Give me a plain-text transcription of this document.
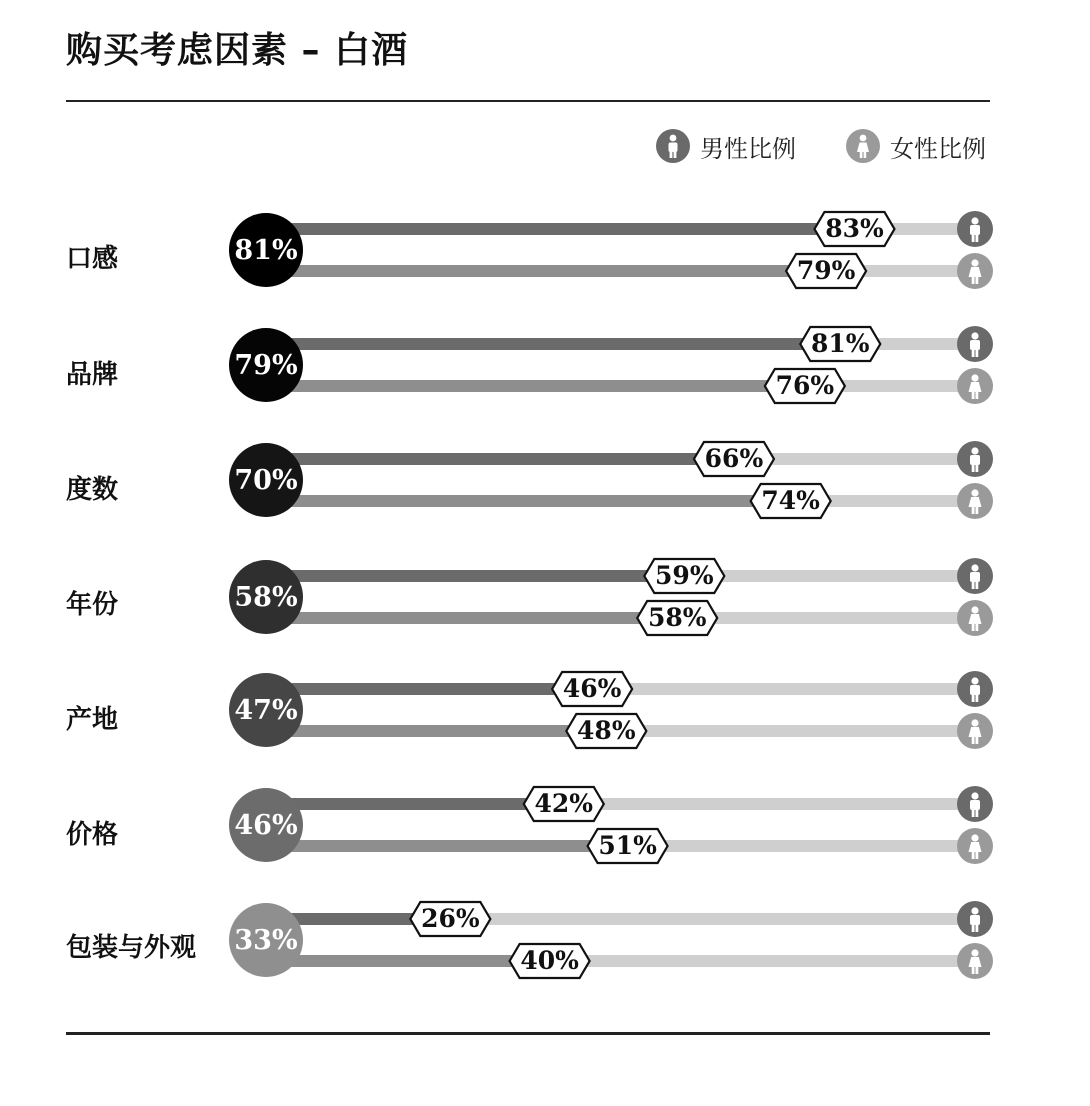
购买考虑因素 – 白酒
男性比例	女性比例
口感
品牌
度数
年份
产地
价格
包装与外观
83%
79%
81%
81%
76%
79%
66%
74%
70%
59%
58%
58%
46%
48%
47%
42%
51%
46%
26%
40%
33%
